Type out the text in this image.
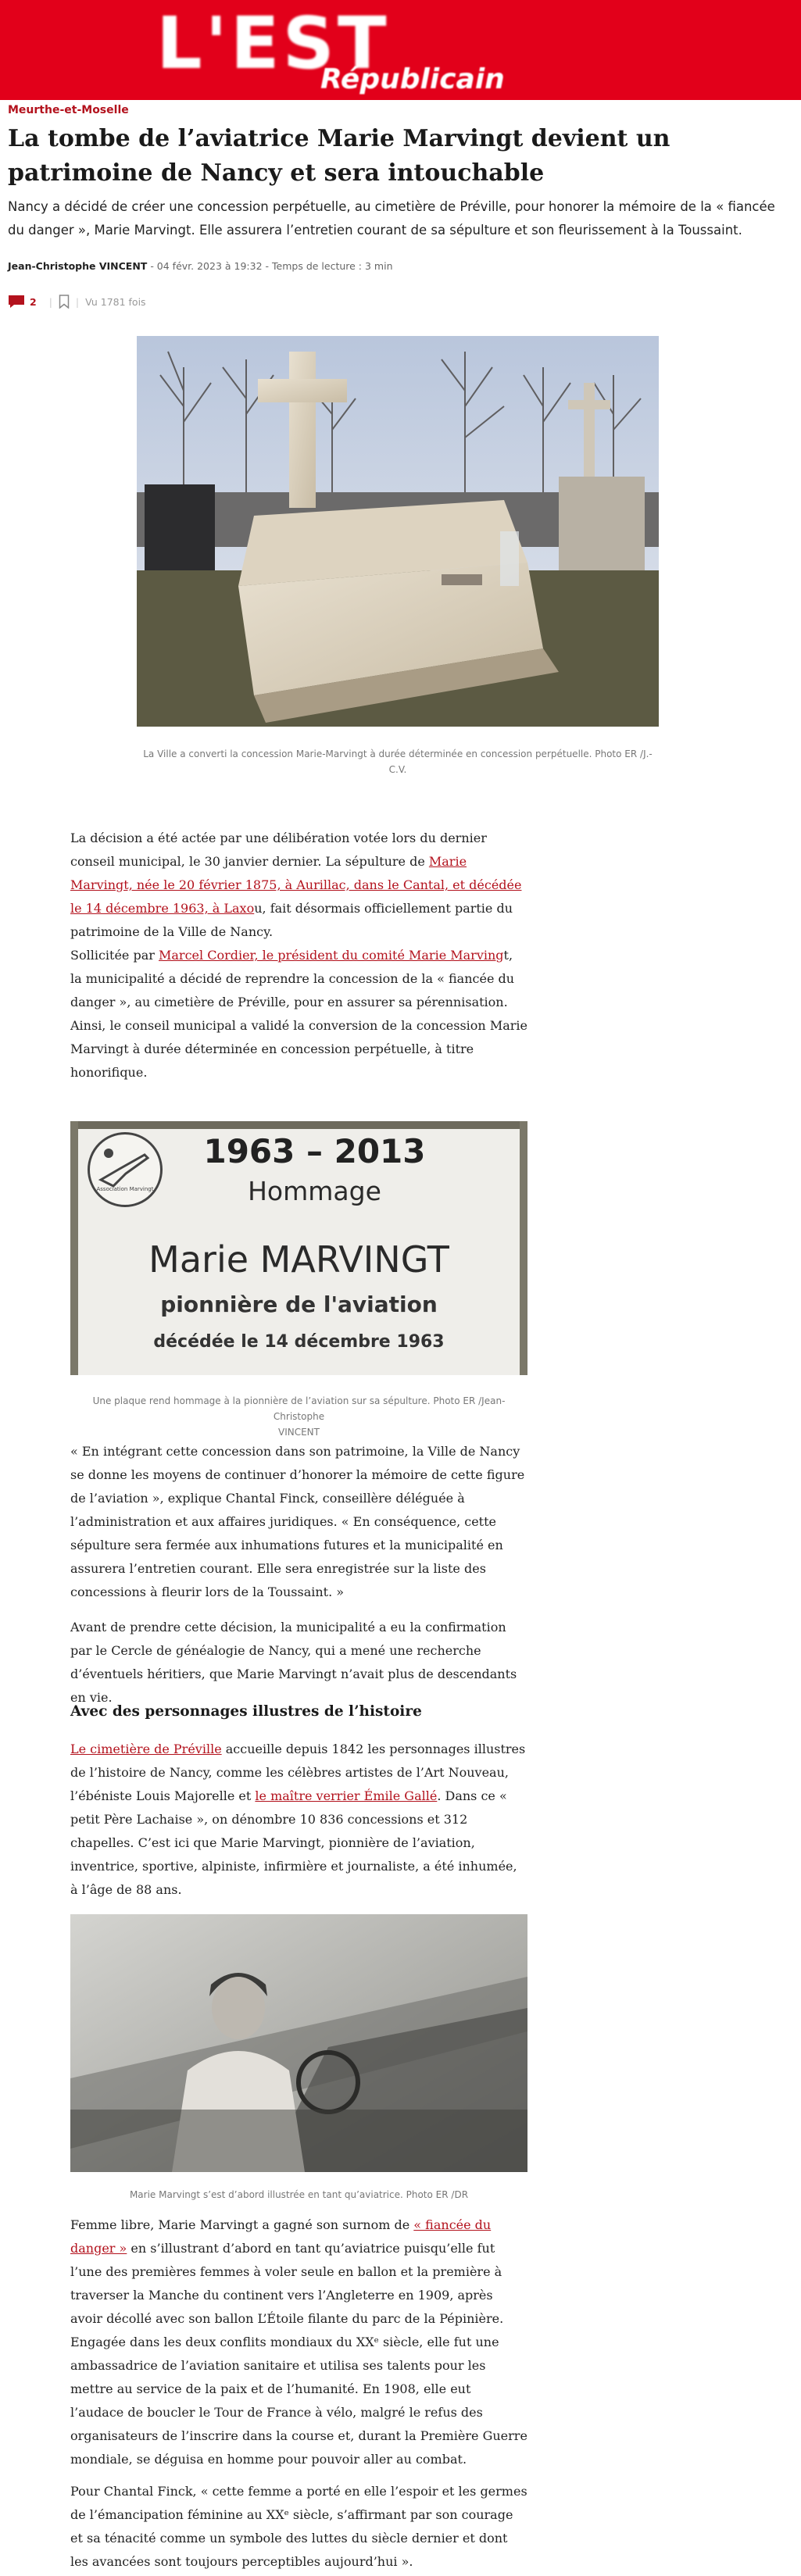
L'EST
Républicain
Meurthe-et-Moselle
La tombe de l’aviatrice Marie Marvingt devient un patrimoine de Nancy et sera intouchable

Nancy a décidé de créer une concession perpétuelle, au cimetière de Préville, pour honorer la mémoire de la « fiancée du danger », Marie Marvingt. Elle assurera l’entretien courant de sa sépulture et son fleurissement à la Toussaint.

Jean-Christophe VINCENT - 04 févr. 2023 à 19:32 - Temps de lecture : 3 min
2 | | Vu 1781 fois
La Ville a converti la concession Marie-Marvingt à durée déterminée en concession perpétuelle. Photo ER /J.-C.V.

La décision a été actée par une délibération votée lors du dernier conseil municipal, le 30 janvier dernier. La sépulture de Marie Marvingt, née le 20 février 1875, à Aurillac, dans le Cantal, et décédée le 14 décembre 1963, à Laxou, fait désormais officiellement partie du patrimoine de la Ville de Nancy.

Sollicitée par Marcel Cordier, le président du comité Marie Marvingt, la municipalité a décidé de reprendre la concession de la « fiancée du danger », au cimetière de Préville, pour en assurer sa pérennisation. Ainsi, le conseil municipal a validé la conversion de la concession Marie Marvingt à durée déterminée en concession perpétuelle, à titre honorifique.

Association Marvingt
1963 – 2013
Hommage
Marie MARVINGT
pionnière de l'aviation
décédée le 14 décembre 1963
Une plaque rend hommage à la pionnière de l’aviation sur sa sépulture. Photo ER /Jean-Christophe
VINCENT

« En intégrant cette concession dans son patrimoine, la Ville de Nancy se donne les moyens de continuer d’honorer la mémoire de cette figure de l’aviation », explique Chantal Finck, conseillère déléguée à l’administration et aux affaires juridiques. « En conséquence, cette sépulture sera fermée aux inhumations futures et la municipalité en assurera l’entretien courant. Elle sera enregistrée sur la liste des concessions à fleurir lors de la Toussaint. »

Avant de prendre cette décision, la municipalité a eu la confirmation par le Cercle de généalogie de Nancy, qui a mené une recherche d’éventuels héritiers, que Marie Marvingt n’avait plus de descendants en vie.

Avec des personnages illustres de l’histoire

Le cimetière de Préville accueille depuis 1842 les personnages illustres de l’histoire de Nancy, comme les célèbres artistes de l’Art Nouveau, l’ébéniste Louis Majorelle et le maître verrier Émile Gallé. Dans ce « petit Père Lachaise », on dénombre 10 836 concessions et 312 chapelles. C’est ici que Marie Marvingt, pionnière de l’aviation, inventrice, sportive, alpiniste, infirmière et journaliste, a été inhumée, à l’âge de 88 ans.

Marie Marvingt s’est d’abord illustrée en tant qu’aviatrice. Photo ER /DR

Femme libre, Marie Marvingt a gagné son surnom de « fiancée du danger » en s’illustrant d’abord en tant qu’aviatrice puisqu’elle fut l’une des premières femmes à voler seule en ballon et la première à traverser la Manche du continent vers l’Angleterre en 1909, après avoir décollé avec son ballon L’Étoile filante du parc de la Pépinière. Engagée dans les deux conflits mondiaux du XXᵉ siècle, elle fut une ambassadrice de l’aviation sanitaire et utilisa ses talents pour les mettre au service de la paix et de l’humanité. En 1908, elle eut l’audace de boucler le Tour de France à vélo, malgré le refus des organisateurs de l’inscrire dans la course et, durant la Première Guerre mondiale, se déguisa en homme pour pouvoir aller au combat.

Pour Chantal Finck, « cette femme a porté en elle l’espoir et les germes de l’émancipation féminine au XXᵉ siècle, s’affirmant par son courage et sa ténacité comme un symbole des luttes du siècle dernier et dont les avancées sont toujours perceptibles aujourd’hui ».
